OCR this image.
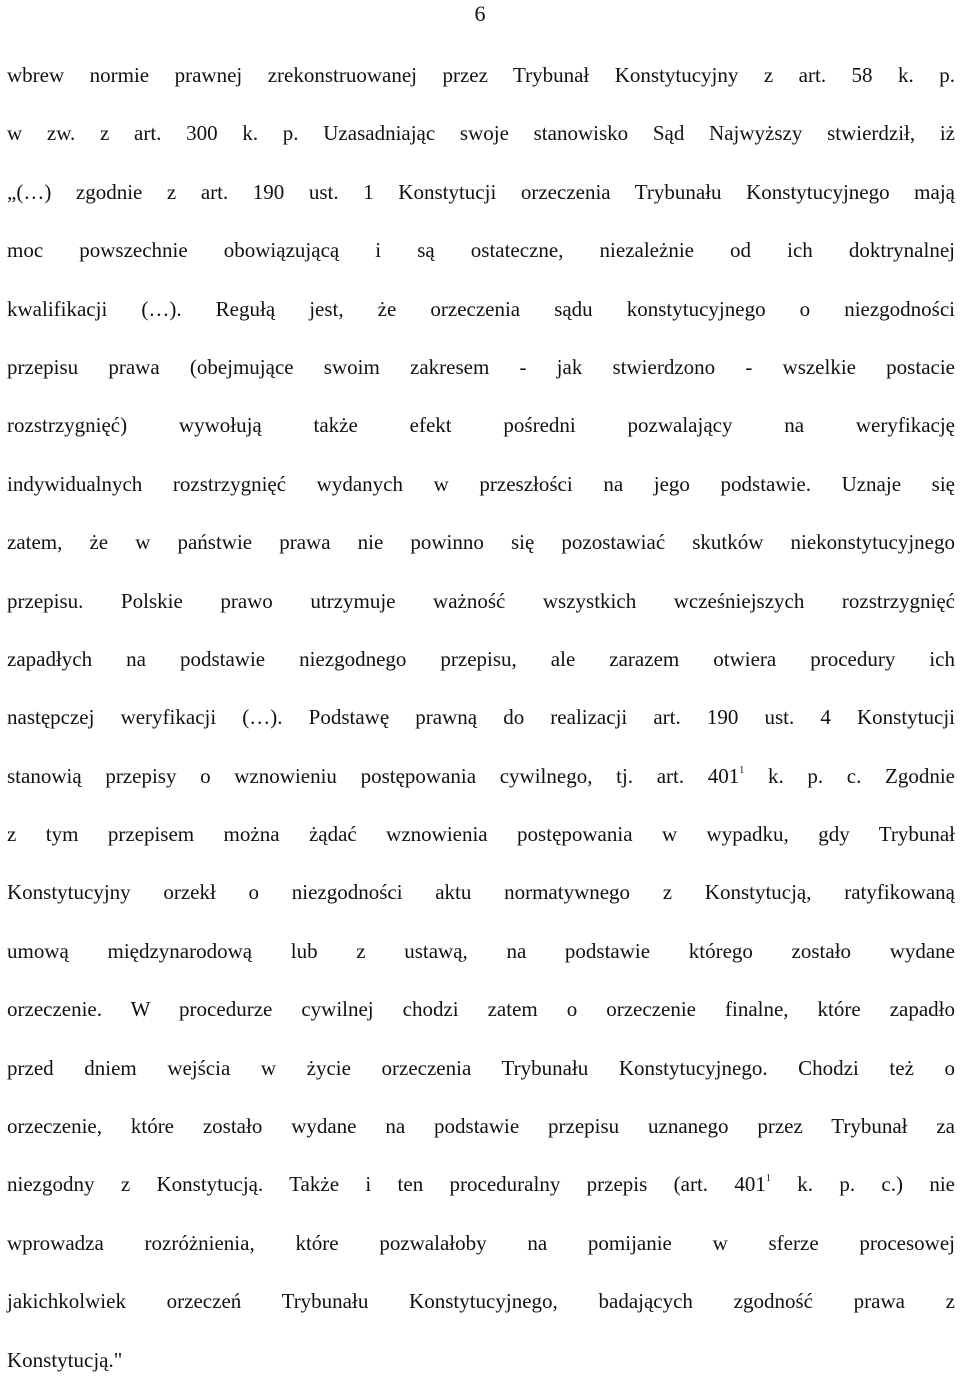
6
wbrew normie prawnej zrekonstruowanej przez Trybunał Konstytucyjny z art. 58 k. p.
w zw. z art. 300 k. p. Uzasadniając swoje stanowisko Sąd Najwyższy stwierdził, iż
„(…) zgodnie z art. 190 ust. 1 Konstytucji orzeczenia Trybunału Konstytucyjnego mają
moc powszechnie obowiązującą i są ostateczne, niezależnie od ich doktrynalnej
kwalifikacji (…). Regułą jest, że orzeczenia sądu konstytucyjnego o niezgodności
przepisu prawa (obejmujące swoim zakresem - jak stwierdzono - wszelkie postacie
rozstrzygnięć) wywołują także efekt pośredni pozwalający na weryfikację
indywidualnych rozstrzygnięć wydanych w przeszłości na jego podstawie. Uznaje się
zatem, że w państwie prawa nie powinno się pozostawiać skutków niekonstytucyjnego
przepisu. Polskie prawo utrzymuje ważność wszystkich wcześniejszych rozstrzygnięć
zapadłych na podstawie niezgodnego przepisu, ale zarazem otwiera procedury ich
następczej weryfikacji (…). Podstawę prawną do realizacji art. 190 ust. 4 Konstytucji
stanowią przepisy o wznowieniu postępowania cywilnego, tj. art. $401^1$ k. p. c. Zgodnie
z tym przepisem można żądać wznowienia postępowania w wypadku, gdy Trybunał
Konstytucyjny orzekł o niezgodności aktu normatywnego z Konstytucją, ratyfikowaną
umową międzynarodową lub z ustawą, na podstawie którego zostało wydane
orzeczenie. W procedurze cywilnej chodzi zatem o orzeczenie finalne, które zapadło
przed dniem wejścia w życie orzeczenia Trybunału Konstytucyjnego. Chodzi też o
orzeczenie, które zostało wydane na podstawie przepisu uznanego przez Trybunał za
niezgodny z Konstytucją. Także i ten proceduralny przepis (art. $401^1$ k. p. c.) nie
wprowadza rozróżnienia, które pozwalałoby na pomijanie w sferze procesowej
jakichkolwiek orzeczeń Trybunału Konstytucyjnego, badających zgodność prawa z
Konstytucją."
